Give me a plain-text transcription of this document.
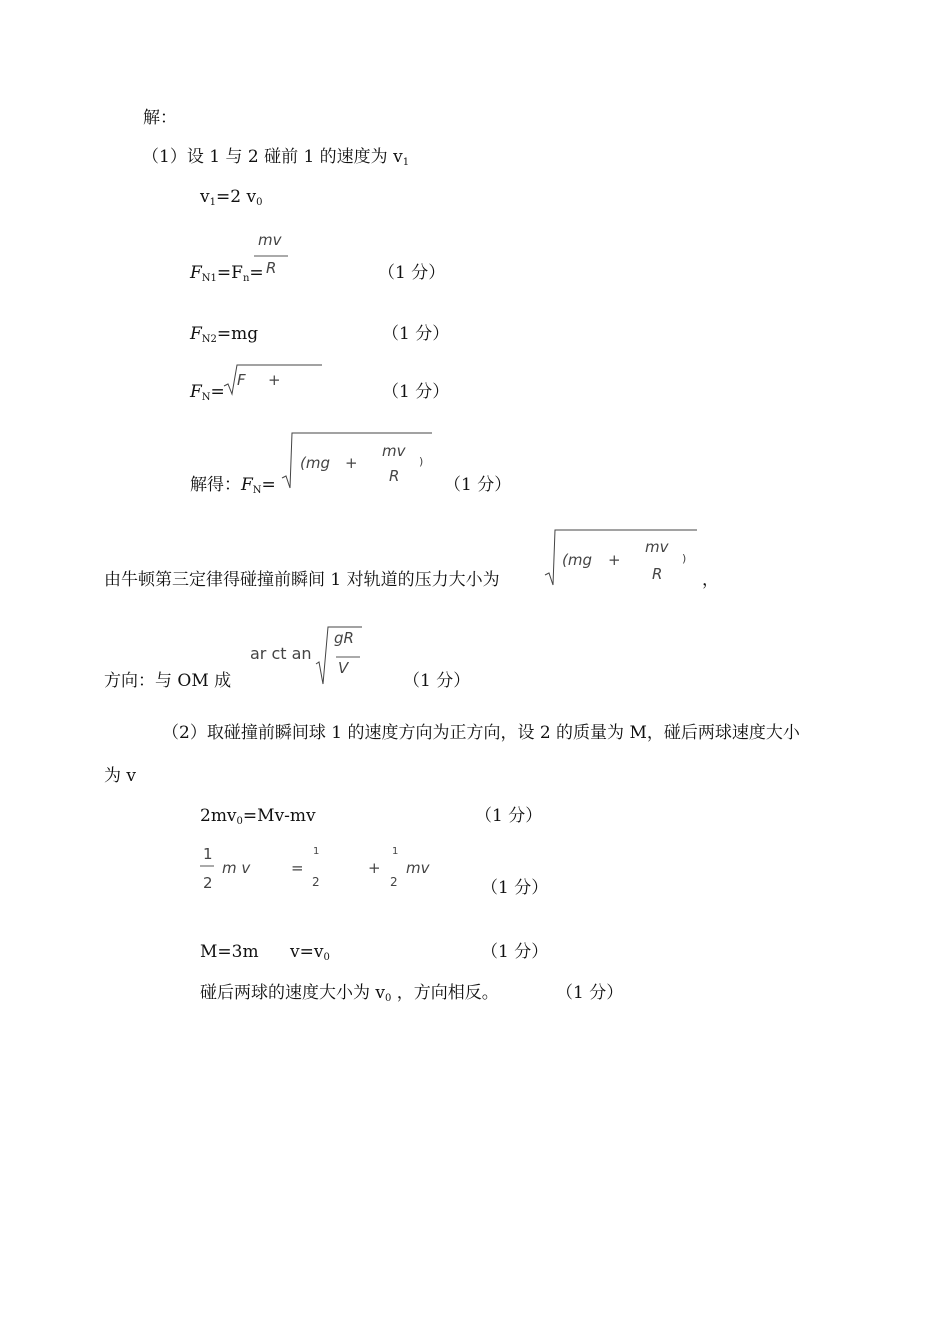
解：
（1）设 1 与 2 碰前 1 的速度为 $v_1$
$v_1=2$ $v_0$
$F_{N1}=F_n=$
mv
R	（1 分）
$F_{N2}=mg$	（1 分）
$F_N=$
F +
（1 分）
解得：$F_N=$
(mg +
mv
R
)
（1 分）
由牛顿第三定律得碰撞前瞬间 1 对轨道的压力大小为
(mg +
mv
R
)
，
方向：与 OM 成
ar ct an
gR
V
（1 分）
（2）取碰撞前瞬间球 1 的速度方向为正方向，设 2 的质量为 M，碰后两球速度大小
为 v
$2mv_0=Mv-mv$	（1 分）
1
2
m v	=
1
2
+
1
2
mv
（1 分）
M=3m $v=v_0$	（1 分）
碰后两球的速度大小为 $v_0$ ，方向相反。	（1 分）
